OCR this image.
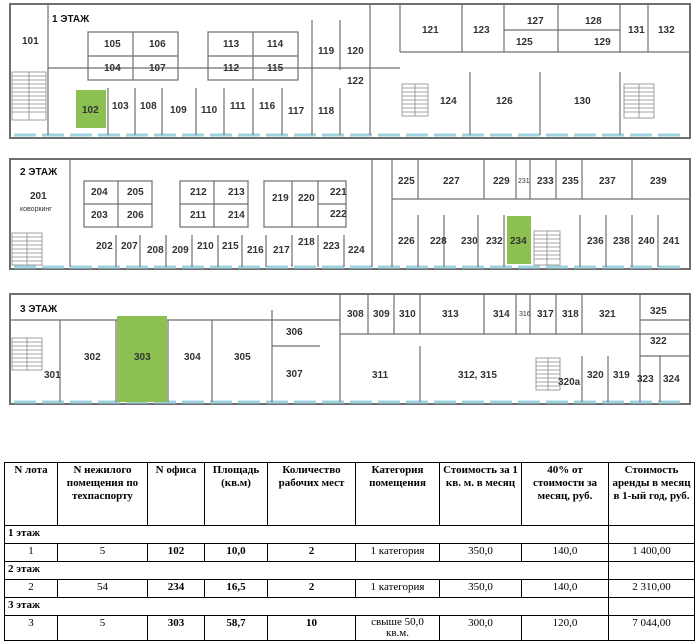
1 ЭТАЖ
101	105	106
104	107
102 103 108 109 110
113	114
112	115
111 116 117 118
119 120
122
121	123
127
125
128
129
131 132
124	126	130
2 ЭТАЖ
201
коворкинг
204 205
203 206
202 207 208 209
212 213
211 214
210 215 216 217
219 220
221
222
218 223 224
225	227	229 231 233 235 237	239
226 228 230 232 234	236 238 240 241
3 ЭТАЖ
301
302	303	304	305
306
307
308 309 310	313	314 316 317 318 321	325
322
311	312, 315
320a
320 319 323 324
N лота	N нежилого помещения по техпаспорту	N офиса	Площадь (кв.м)	Количество рабочих мест	Категория помещения	Стоимость за 1 кв. м. в месяц	40% от стоимости за месяц, руб.	Стоимость аренды в месяц в 1-ый год, руб.
1 этаж								
1	5	102	10,0	2	1 категория	350,0	140,0	1 400,00
2 этаж								
2	54	234	16,5	2	1 категория	350,0	140,0	2 310,00
3 этаж								
3	5	303	58,7	10	свыше 50,0 кв.м.	300,0	120,0	7 044,00
